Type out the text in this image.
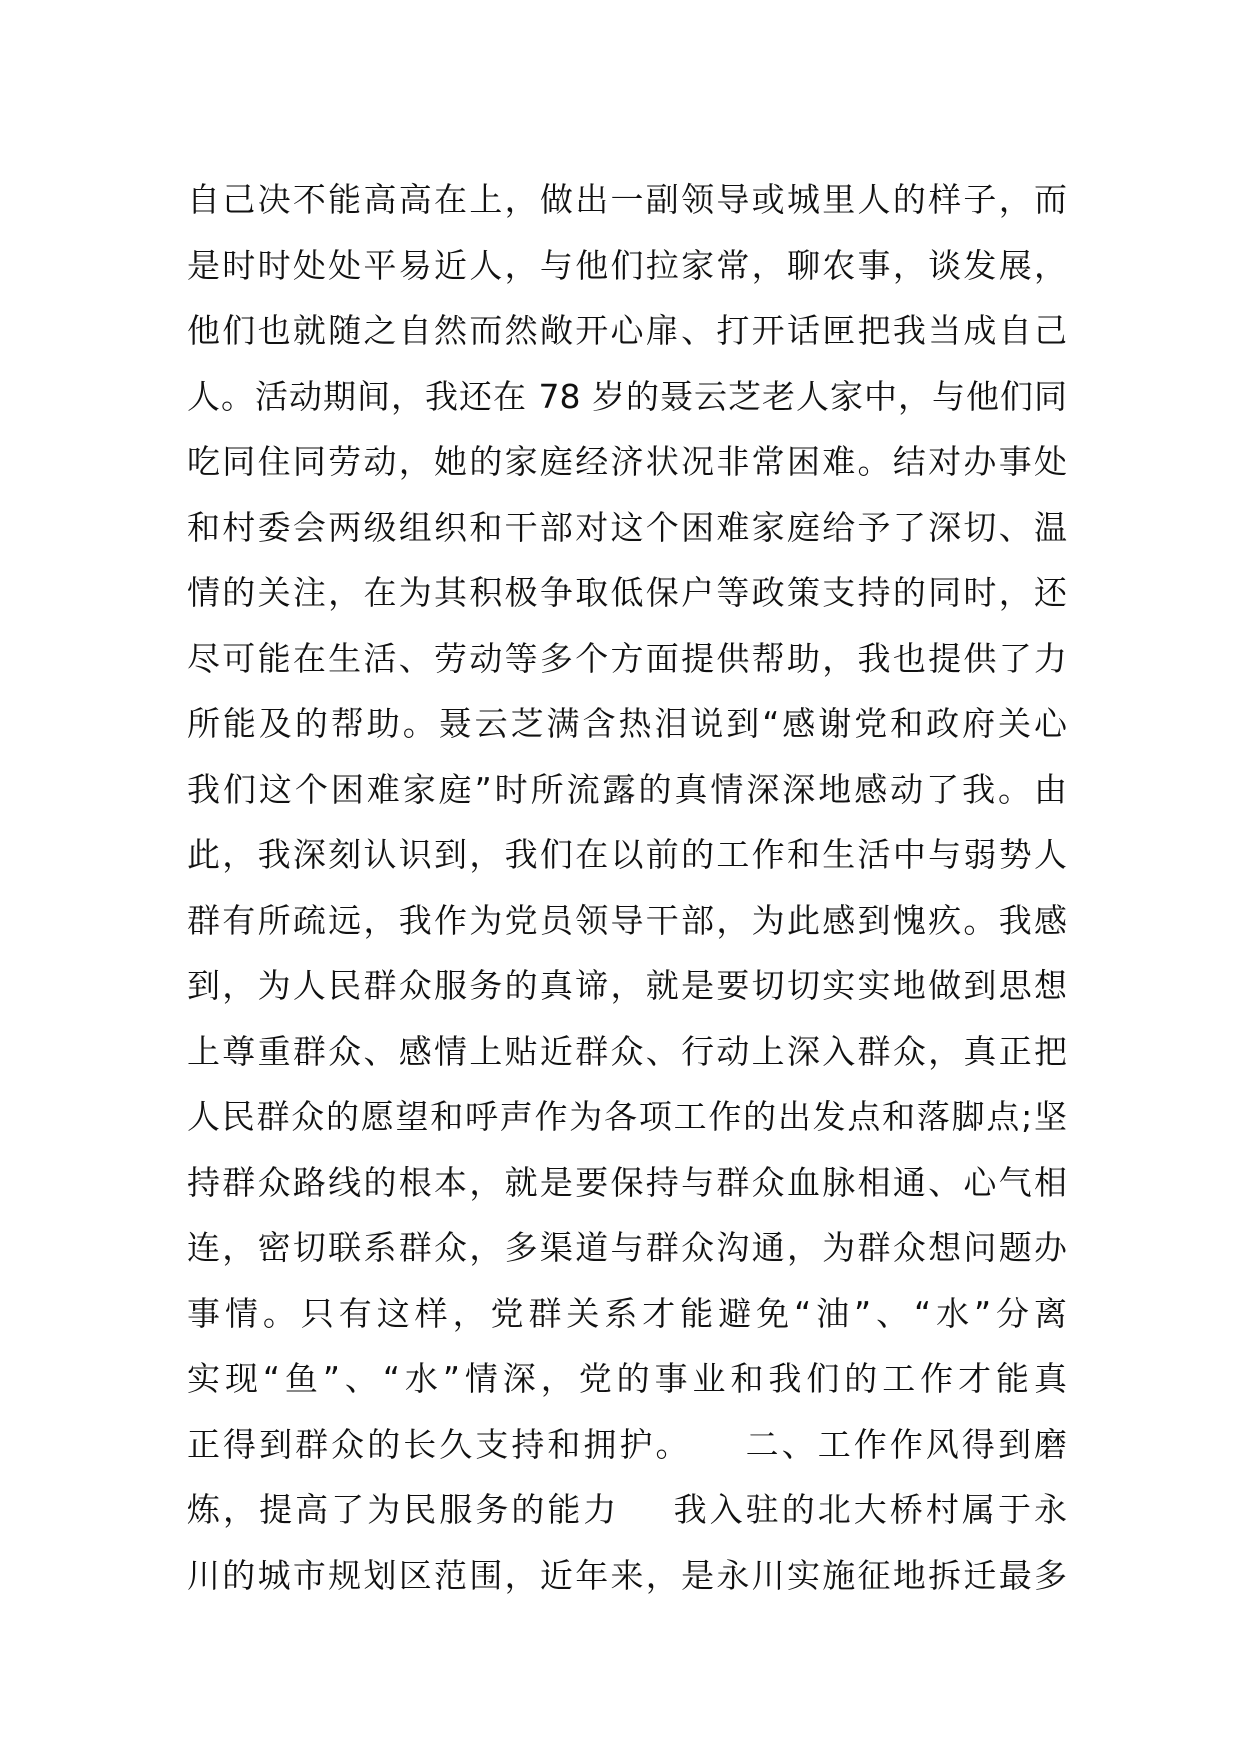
自己决不能高高在上，做出一副领导或城里人的样子，而
是时时处处平易近人，与他们拉家常，聊农事，谈发展，
他们也就随之自然而然敞开心扉、打开话匣把我当成自己
人。活动期间，我还在 78 岁的聂云芝老人家中，与他们同
吃同住同劳动，她的家庭经济状况非常困难。结对办事处
和村委会两级组织和干部对这个困难家庭给予了深切、温
情的关注，在为其积极争取低保户等政策支持的同时，还
尽可能在生活、劳动等多个方面提供帮助，我也提供了力
所能及的帮助。聂云芝满含热泪说到“感谢党和政府关心
我们这个困难家庭”时所流露的真情深深地感动了我。由
此，我深刻认识到，我们在以前的工作和生活中与弱势人
群有所疏远，我作为党员领导干部，为此感到愧疚。我感
到，为人民群众服务的真谛，就是要切切实实地做到思想
上尊重群众、感情上贴近群众、行动上深入群众，真正把
人民群众的愿望和呼声作为各项工作的出发点和落脚点;坚
持群众路线的根本，就是要保持与群众血脉相通、心气相
连，密切联系群众，多渠道与群众沟通，为群众想问题办
事情。只有这样，党群关系才能避免“油”、“水”分离
实现“鱼”、“水”情深，党的事业和我们的工作才能真
正得到群众的长久支持和拥护。    二、工作作风得到磨
炼，提高了为民服务的能力    我入驻的北大桥村属于永
川的城市规划区范围，近年来，是永川实施征地拆迁最多
